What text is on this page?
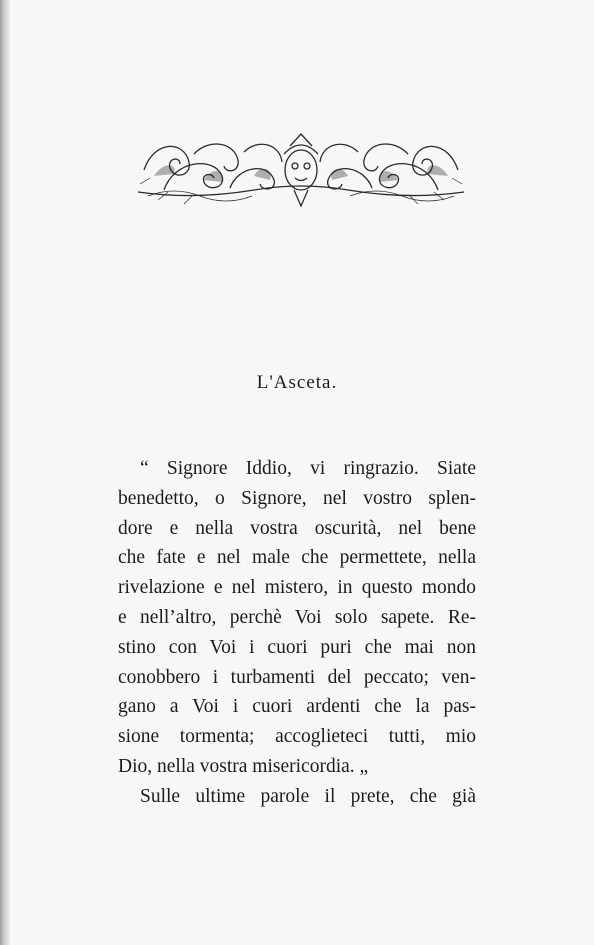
L'Asceta.
“ Signore Iddio, vi ringrazio. Siate
benedetto, o Signore, nel vostro splen-
dore e nella vostra oscurità, nel bene
che fate e nel male che permettete, nella
rivelazione e nel mistero, in questo mondo
e nell’altro, perchè Voi solo sapete. Re-
stino con Voi i cuori puri che mai non
conobbero i turbamenti del peccato; ven-
gano a Voi i cuori ardenti che la pas-
sione tormenta; accoglieteci tutti, mio
Dio, nella vostra misericordia. „
Sulle ultime parole il prete, che già
